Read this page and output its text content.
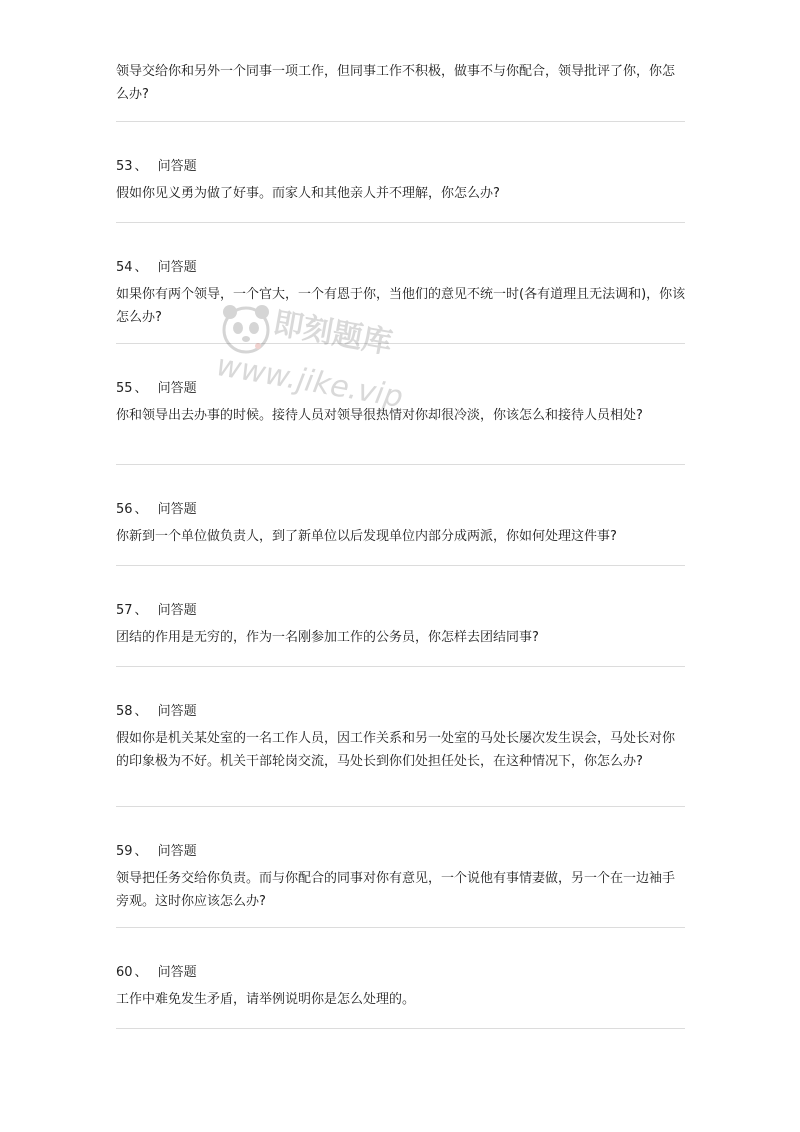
领导交给你和另外一个同事一项工作，但同事工作不积极，做事不与你配合，领导批评了你，你怎么办?

53 、 问答题

假如你见义勇为做了好事。而家人和其他亲人并不理解，你怎么办?

54 、 问答题

如果你有两个领导，一个官大，一个有恩于你，当他们的意见不统一时(各有道理且无法调和)，你该怎么办?

55 、 问答题

你和领导出去办事的时候。接待人员对领导很热情对你却很冷淡，你该怎么和接待人员相处?

56 、 问答题

你新到一个单位做负责人，到了新单位以后发现单位内部分成两派，你如何处理这件事?

57 、 问答题

团结的作用是无穷的，作为一名刚参加工作的公务员，你怎样去团结同事?

58 、 问答题

假如你是机关某处室的一名工作人员，因工作关系和另一处室的马处长屡次发生误会，马处长对你的印象极为不好。机关干部轮岗交流，马处长到你们处担任处长，在这种情况下，你怎么办?

59 、 问答题

领导把任务交给你负责。而与你配合的同事对你有意见，一个说他有事情妻做，另一个在一边袖手旁观。这时你应该怎么办?

60 、 问答题

工作中难免发生矛盾，请举例说明你是怎么处理的。

即刻题库
www.jike.vip
